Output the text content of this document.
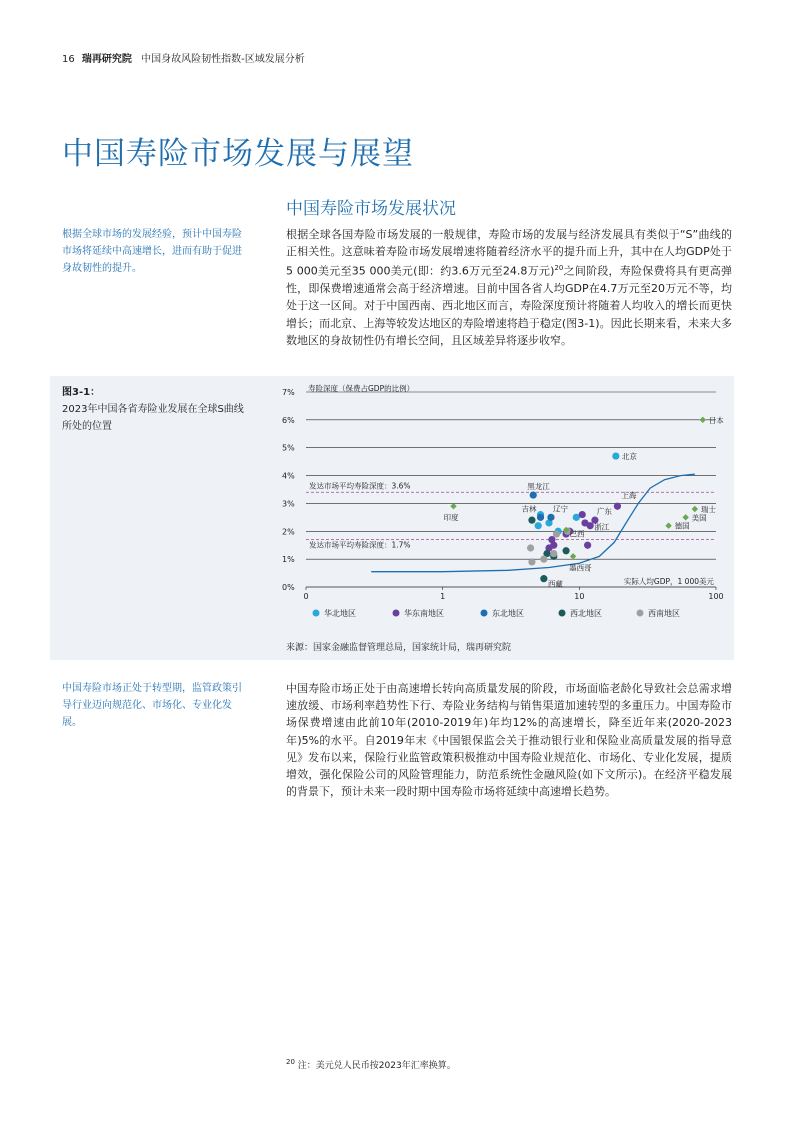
16 瑞再研究院 中国身故风险韧性指数-区域发展分析
中国寿险市场发展与展望
中国寿险市场发展状况
根据全球市场的发展经验，预计中国寿险市场将延续中高速增长，进而有助于促进身故韧性的提升。
根据全球各国寿险市场发展的一般规律，寿险市场的发展与经济发展具有类似于“S”曲线的正相关性。这意味着寿险市场发展增速将随着经济水平的提升而上升，其中在人均GDP处于5 000美元至35 000美元(即：约3.6万元至24.8万元)$^{20}$之间阶段，寿险保费将具有更高弹性，即保费增速通常会高于经济增速。目前中国各省人均GDP在4.7万元至20万元不等，均处于这一区间。对于中国西南、西北地区而言，寿险深度预计将随着人均收入的增长而更快增长；而北京、上海等较发达地区的寿险增速将趋于稳定(图3-1)。因此长期来看，未来大多数地区的身故韧性仍有增长空间，且区域差异将逐步收窄。
图3-1：
2023年中国各省寿险业发展在全球S曲线所处的位置
0%
1%
2%
3%
4%
5%
6%
7%
0	1	10	100
寿险深度（保费占GDP的比例）
实际人均GDP，1 000美元
发达市场平均寿险深度：3.6%
发达市场平均寿险深度：1.7%
北京
上海
广东
浙江
黑龙江
辽宁
吉林
西藏
巴西
日本
印度	美国
瑞士
德国
墨西哥
华北地区	华东南地区	东北地区	西北地区	西南地区
来源：国家金融监督管理总局，国家统计局，瑞再研究院
中国寿险市场正处于转型期，监管政策引导行业迈向规范化、市场化、专业化发展。
中国寿险市场正处于由高速增长转向高质量发展的阶段，市场面临老龄化导致社会总需求增速放缓、市场利率趋势性下行、寿险业务结构与销售渠道加速转型的多重压力。中国寿险市场保费增速由此前10年(2010-2019年)年均12%的高速增长，降至近年来(2020-2023年)5%的水平。自2019年末《中国银保监会关于推动银行业和保险业高质量发展的指导意见》发布以来，保险行业监管政策积极推动中国寿险业规范化、市场化、专业化发展，提质增效，强化保险公司的风险管理能力，防范系统性金融风险(如下文所示)。在经济平稳发展的背景下，预计未来一段时期中国寿险市场将延续中高速增长趋势。
$^{20}$ 注：美元兑人民币按2023年汇率换算。
